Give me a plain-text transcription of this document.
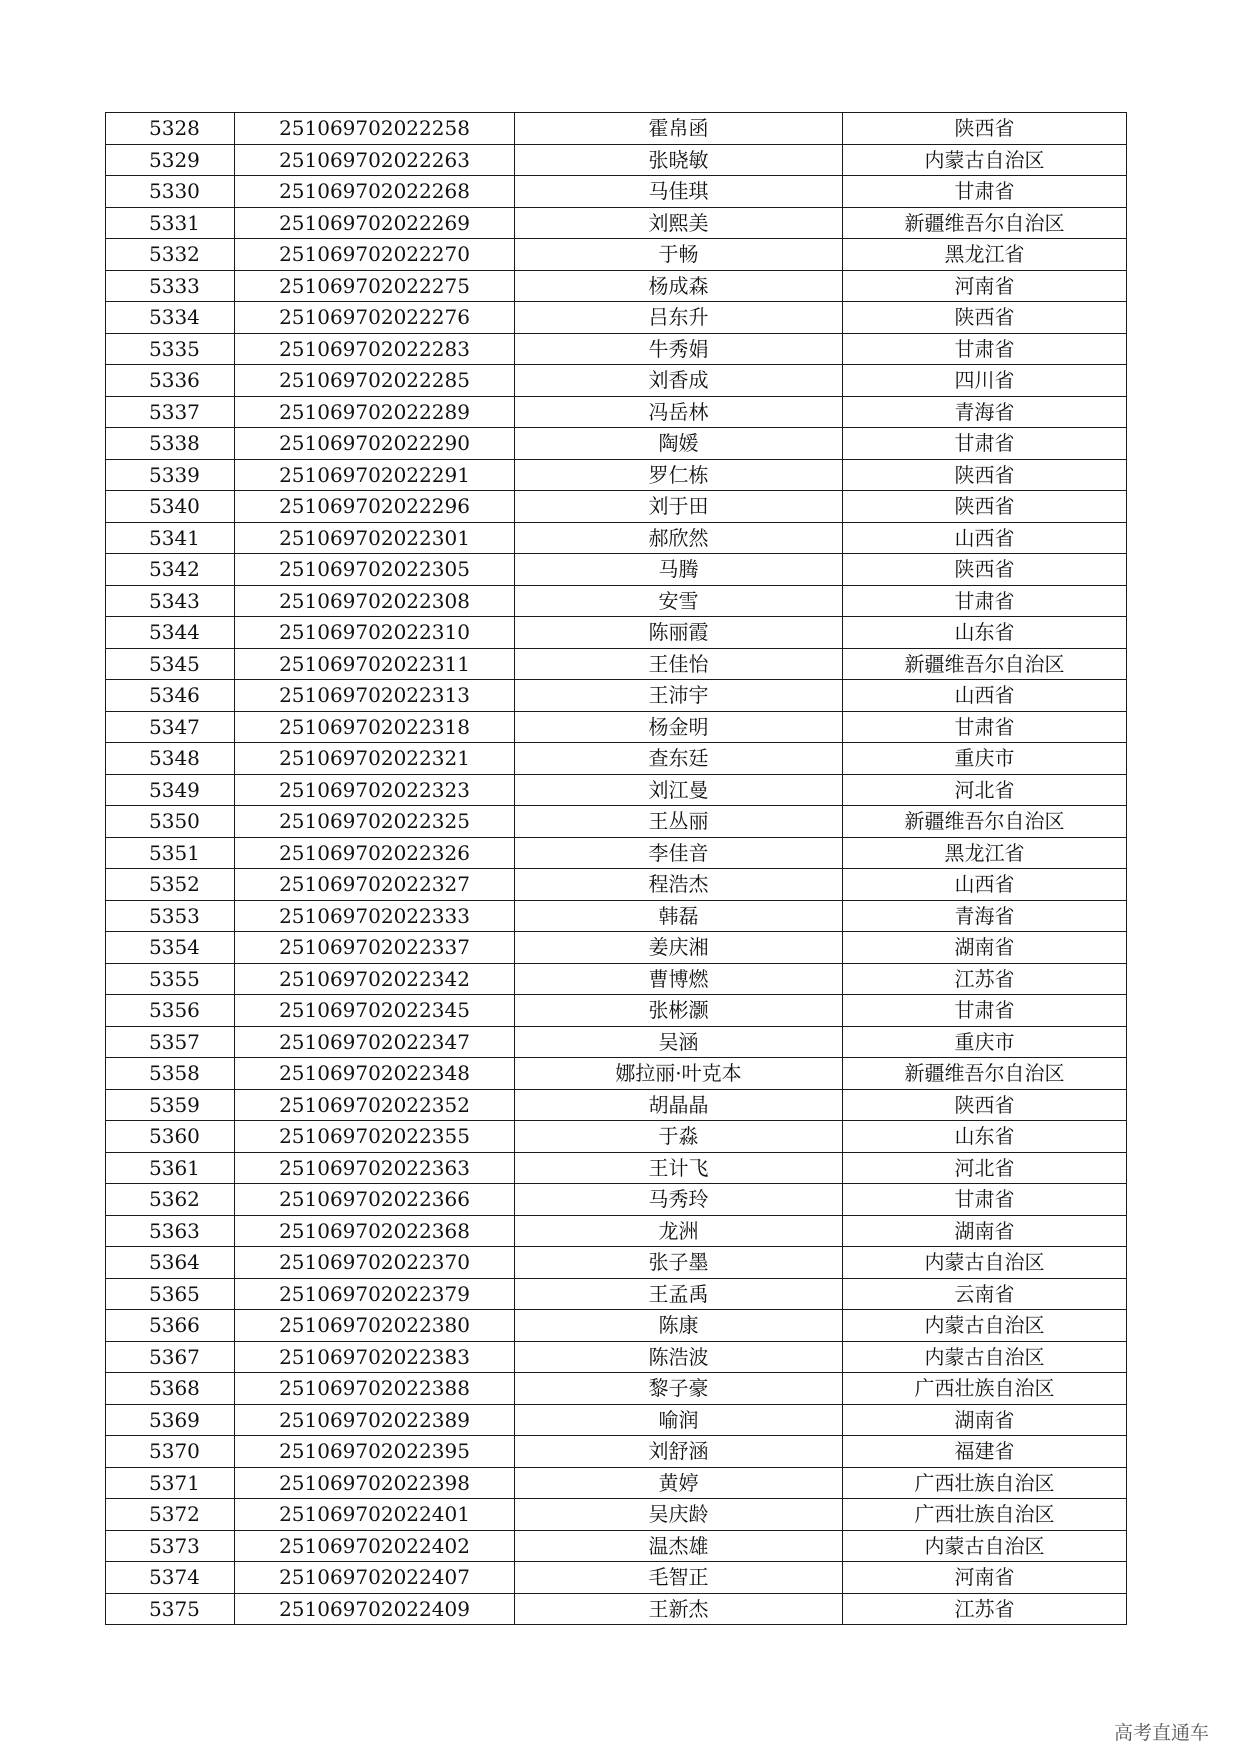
5328	251069702022258	霍帛函	陕西省
5329	251069702022263	张晓敏	内蒙古自治区
5330	251069702022268	马佳琪	甘肃省
5331	251069702022269	刘熙美	新疆维吾尔自治区
5332	251069702022270	于畅	黑龙江省
5333	251069702022275	杨成森	河南省
5334	251069702022276	吕东升	陕西省
5335	251069702022283	牛秀娟	甘肃省
5336	251069702022285	刘香成	四川省
5337	251069702022289	冯岳林	青海省
5338	251069702022290	陶媛	甘肃省
5339	251069702022291	罗仁栋	陕西省
5340	251069702022296	刘于田	陕西省
5341	251069702022301	郝欣然	山西省
5342	251069702022305	马腾	陕西省
5343	251069702022308	安雪	甘肃省
5344	251069702022310	陈丽霞	山东省
5345	251069702022311	王佳怡	新疆维吾尔自治区
5346	251069702022313	王沛宇	山西省
5347	251069702022318	杨金明	甘肃省
5348	251069702022321	查东廷	重庆市
5349	251069702022323	刘江曼	河北省
5350	251069702022325	王丛丽	新疆维吾尔自治区
5351	251069702022326	李佳音	黑龙江省
5352	251069702022327	程浩杰	山西省
5353	251069702022333	韩磊	青海省
5354	251069702022337	姜庆湘	湖南省
5355	251069702022342	曹博燃	江苏省
5356	251069702022345	张彬灏	甘肃省
5357	251069702022347	吴涵	重庆市
5358	251069702022348	娜拉丽·叶克本	新疆维吾尔自治区
5359	251069702022352	胡晶晶	陕西省
5360	251069702022355	于淼	山东省
5361	251069702022363	王计飞	河北省
5362	251069702022366	马秀玲	甘肃省
5363	251069702022368	龙洲	湖南省
5364	251069702022370	张子墨	内蒙古自治区
5365	251069702022379	王孟禹	云南省
5366	251069702022380	陈康	内蒙古自治区
5367	251069702022383	陈浩波	内蒙古自治区
5368	251069702022388	黎子豪	广西壮族自治区
5369	251069702022389	喻润	湖南省
5370	251069702022395	刘舒涵	福建省
5371	251069702022398	黄婷	广西壮族自治区
5372	251069702022401	吴庆龄	广西壮族自治区
5373	251069702022402	温杰雄	内蒙古自治区
5374	251069702022407	毛智正	河南省
5375	251069702022409	王新杰	江苏省
高考直通车
